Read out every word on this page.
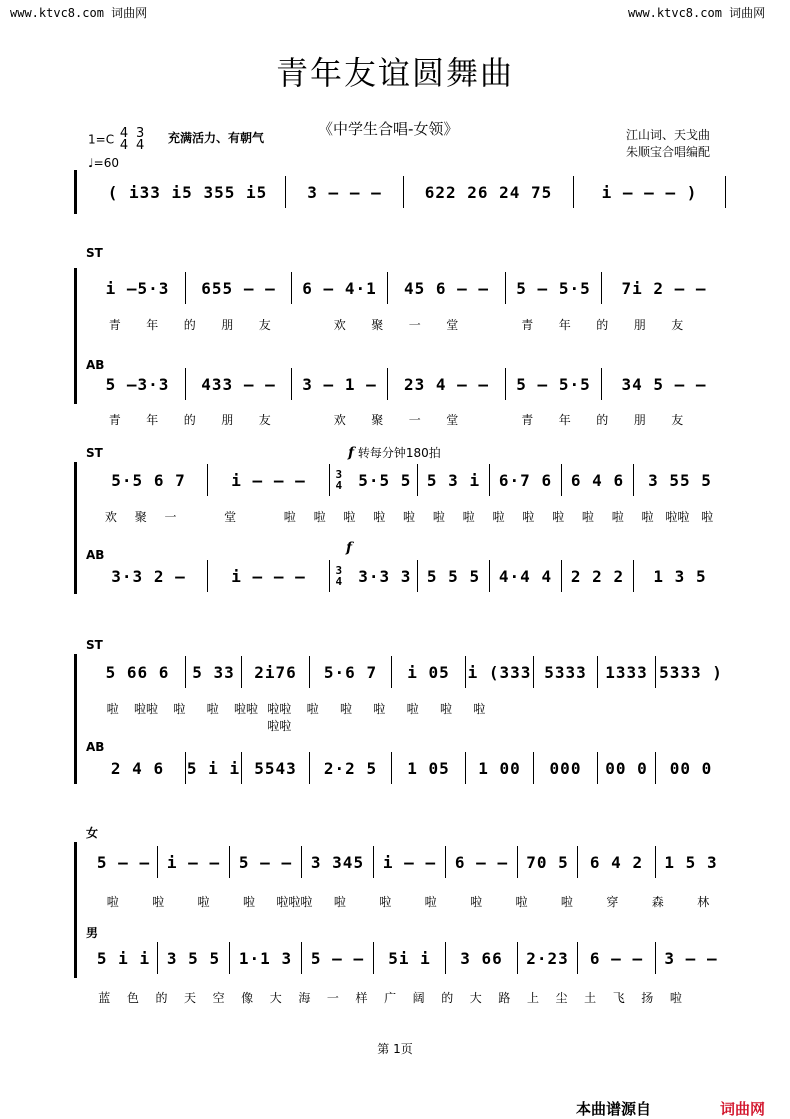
www.ktvc8.com 词曲网	www.ktvc8.com 词曲网
青年友谊圆舞曲
1=C 4
4

3
4 充满活力、有朝气	《中学生合唱-女领》	江山词、天戈曲
朱顺宝合唱编配
♩=60
( i33 i5 355 i5	3 — — —	622 26 24 75	i — — — )
ST
i —5·3	655 — —	6 — 4·1	45 6 — —	5 — 5·5	7i 2 — —
青	年	的	朋	友	欢	聚	一	堂	青	年	的	朋	友
AB
5 —3·3	433 — —	3 — 1 —	23 4 — —	5 — 5·5	34 5 — —
青	年	的	朋	友	欢	聚	一	堂	青	年	的	朋	友
ST	f 转每分钟180拍
5·5 6 7	i — — —	3
4 5·5 5 5 3 i	6·7 6	6 4 6	3 55 5
欢	聚	一	堂	啦	啦	啦	啦	啦	啦	啦	啦	啦	啦	啦	啦	啦 啦啦 啦
AB	f
3·3 2 —	i — — —	3
4 3·3 3 5 5 5	4·4 4	2 2 2	1 3 5
ST
5 66 6	5 33	2i76	5·6 7	i 05	i (333 5333	1333 5333 )
啦	啦啦	啦	啦	啦啦 啦啦啦啦
啦	啦	啦	啦	啦	啦
AB
2 4 6	5 i i 5543	2·2 5	1 05	1 00	000	00 0	00 0
女
5 — —	i — —	5 — —	3 345	i — —	6 — —	70 5	6 4 2	1 5 3
啦	啦	啦	啦	啦啦啦	啦	啦	啦	啦	啦	啦	穿	森	林
男
5 i i	3 5 5	1·1 3	5 — —	5i i	3 66	2·23	6 — —	3 — —
蓝	色	的	天	空	像	大	海	一	样	广	阔	的	大	路	上	尘	土	飞	扬	啦
第 1页
本曲谱源自	词曲网
